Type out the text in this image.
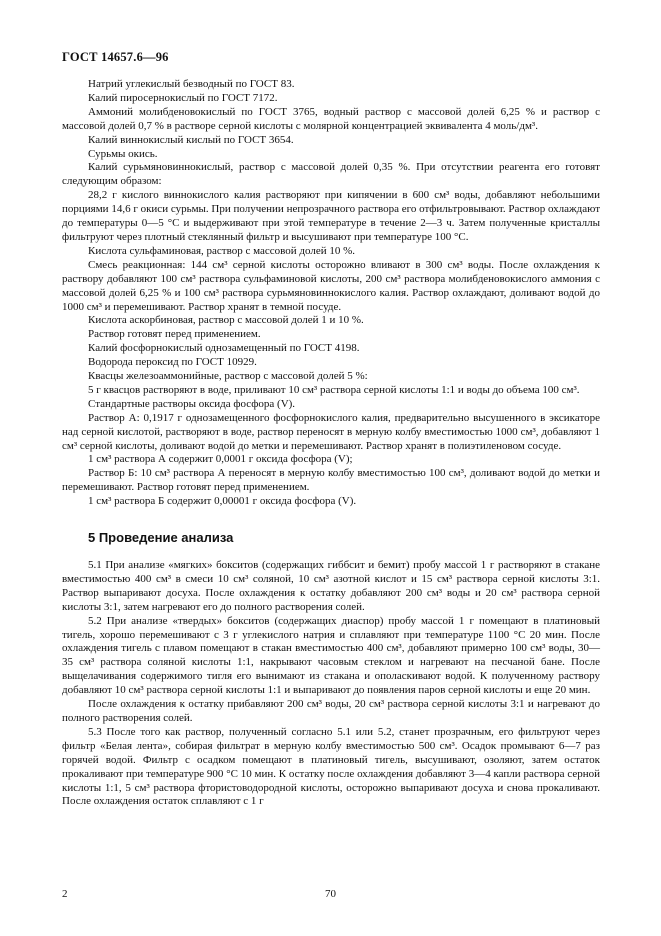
ГОСТ 14657.6—96

Натрий углекислый безводный по ГОСТ 83.

Калий пиросернокислый по ГОСТ 7172.

Аммоний молибденовокислый по ГОСТ 3765, водный раствор с массовой долей 6,25 % и раствор с массовой долей 0,7 % в растворе серной кислоты с молярной концентрацией эквивалента 4 моль/дм³.

Калий виннокислый кислый по ГОСТ 3654.

Сурьмы окись.

Калий сурьмяновиннокислый, раствор с массовой долей 0,35 %. При отсутствии реагента его готовят следующим образом:

28,2 г кислого виннокислого калия растворяют при кипячении в 600 см³ воды, добавляют небольшими порциями 14,6 г окиси сурьмы. При получении непрозрачного раствора его отфильтровывают. Раствор охлаждают до температуры 0—5 °С и выдерживают при этой температуре в течение 2—3 ч. Затем полученные кристаллы фильтруют через плотный стеклянный фильтр и высушивают при температуре 100 °С.

Кислота сульфаминовая, раствор с массовой долей 10 %.

Смесь реакционная: 144 см³ серной кислоты осторожно вливают в 300 см³ воды. После охлаждения к раствору добавляют 100 см³ раствора сульфаминовой кислоты, 200 см³ раствора молибденовокислого аммония с массовой долей 6,25 % и 100 см³ раствора сурьмяновиннокислого калия. Раствор охлаждают, доливают водой до 1000 см³ и перемешивают. Раствор хранят в темной посуде.

Кислота аскорбиновая, раствор с массовой долей 1 и 10 %.

Раствор готовят перед применением.

Калий фосфорнокислый однозамещенный по ГОСТ 4198.

Водорода пероксид по ГОСТ 10929.

Квасцы железоаммонийные, раствор с массовой долей 5 %:

5 г квасцов растворяют в воде, приливают 10 см³ раствора серной кислоты 1:1 и воды до объема 100 см³.

Стандартные растворы оксида фосфора (V).

Раствор А: 0,1917 г однозамещенного фосфорнокислого калия, предварительно высушенного в эксикаторе над серной кислотой, растворяют в воде, раствор переносят в мерную колбу вместимостью 1000 см³, добавляют 1 см³ серной кислоты, доливают водой до метки и перемешивают. Раствор хранят в полиэтиленовом сосуде.

1 см³ раствора А содержит 0,0001 г оксида фосфора (V);

Раствор Б: 10 см³ раствора А переносят в мерную колбу вместимостью 100 см³, доливают водой до метки и перемешивают. Раствор готовят перед применением.

1 см³ раствора Б содержит 0,00001 г оксида фосфора (V).

5 Проведение анализа

5.1 При анализе «мягких» бокситов (содержащих гиббсит и бемит) пробу массой 1 г растворяют в стакане вместимостью 400 см³ в смеси 10 см³ соляной, 10 см³ азотной кислот и 15 см³ раствора серной кислоты 3:1. Раствор выпаривают досуха. После охлаждения к остатку добавляют 200 см³ воды и 20 см³ раствора серной кислоты 3:1, затем нагревают его до полного растворения солей.

5.2 При анализе «твердых» бокситов (содержащих диаспор) пробу массой 1 г помещают в платиновый тигель, хорошо перемешивают с 3 г углекислого натрия и сплавляют при температуре 1100 °С 20 мин. После охлаждения тигель с плавом помещают в стакан вместимостью 400 см³, добавляют примерно 100 см³ воды, 30—35 см³ раствора соляной кислоты 1:1, накрывают часовым стеклом и нагревают на песчаной бане. После выщелачивания содержимого тигля его вынимают из стакана и ополаскивают водой. К полученному раствору добавляют 10 см³ раствора серной кислоты 1:1 и выпаривают до появления паров серной кислоты и еще 20 мин.

После охлаждения к остатку прибавляют 200 см³ воды, 20 см³ раствора серной кислоты 3:1 и нагревают до полного растворения солей.

5.3 После того как раствор, полученный согласно 5.1 или 5.2, станет прозрачным, его фильтруют через фильтр «Белая лента», собирая фильтрат в мерную колбу вместимостью 500 см³. Осадок промывают 6—7 раз горячей водой. Фильтр с осадком помещают в платиновый тигель, высушивают, озоляют, затем остаток прокаливают при температуре 900 °С 10 мин. К остатку после охлаждения добавляют 3—4 капли раствора серной кислоты 1:1, 5 см³ раствора фтористоводородной кислоты, осторожно выпаривают досуха и снова прокаливают. После охлаждения остаток сплавляют с 1 г

2	70
